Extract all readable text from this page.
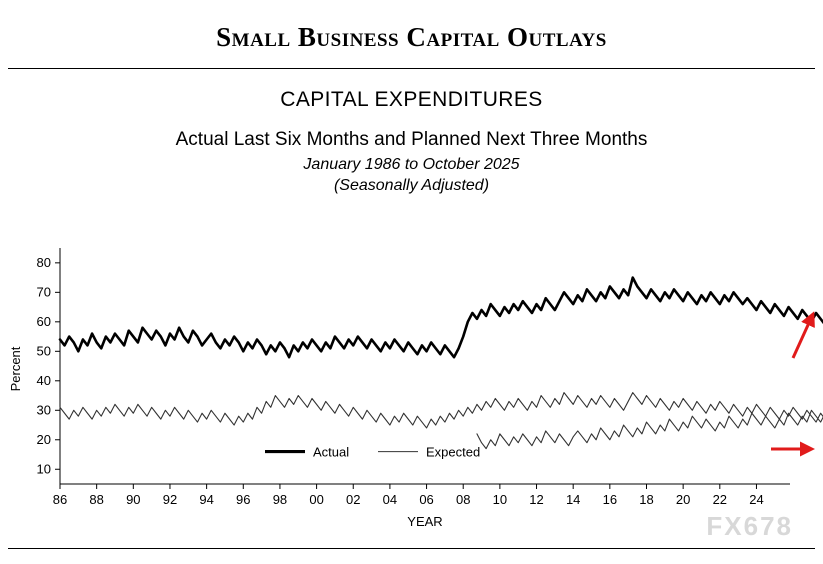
Small Business Capital Outlays
CAPITAL EXPENDITURES
Actual Last Six Months and Planned Next Three Months
January 1986 to October 2025
(Seasonally Adjusted)
10
20
30
40
50
60
70
80
86 88 90 92 94 96 98 00 02 04 06 08 10 12 14 16 18 20 22 24
YEAR
Percent
Actual	Expected
FX678
